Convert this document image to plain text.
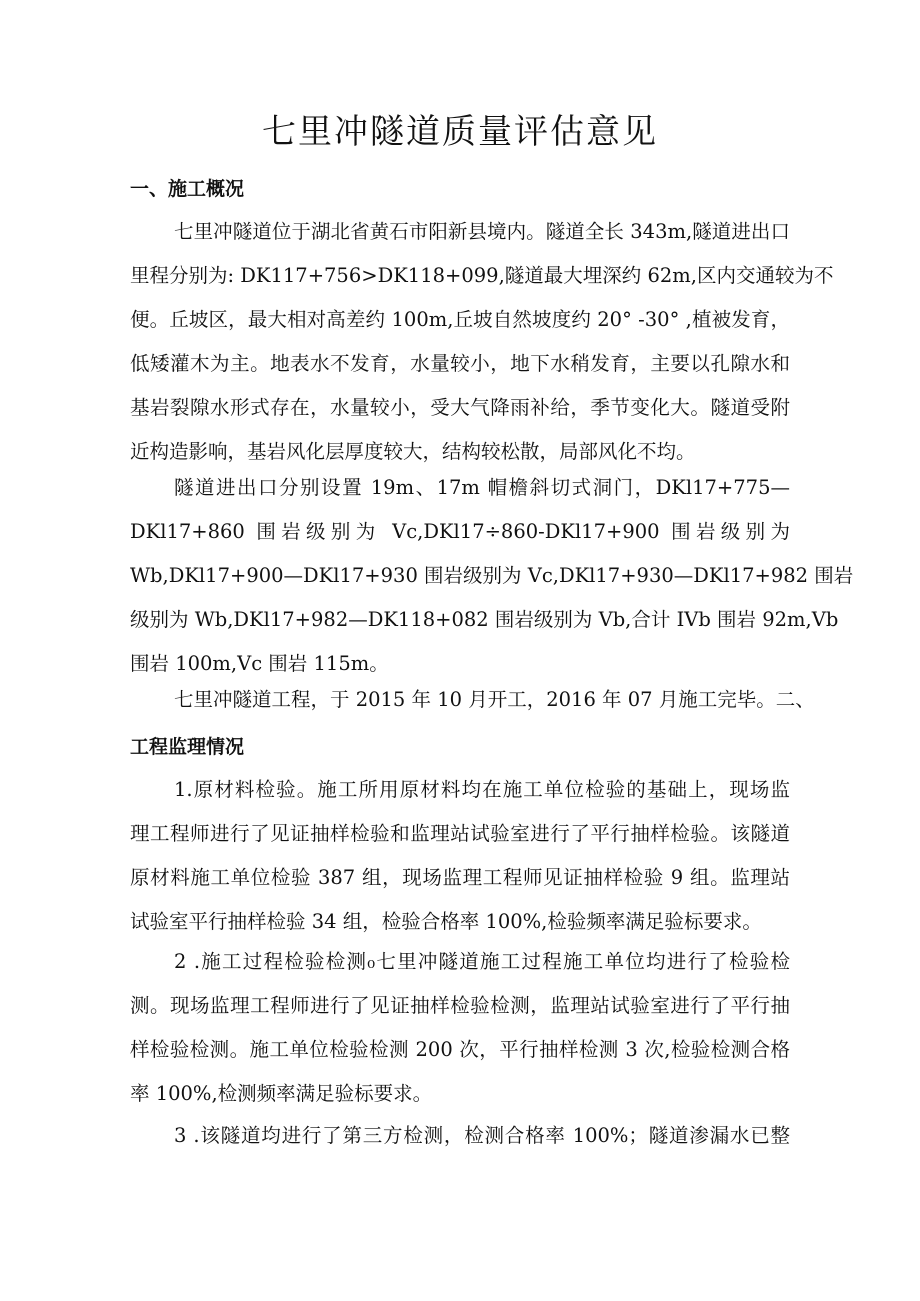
七里冲隧道质量评估意见
一、施工概况
七里冲隧道位于湖北省黄石市阳新县境内。隧道全长 343m,隧道进出口
里程分别为: DK117+756>DK118+099,隧道最大埋深约 62m,区内交通较为不
便。丘坡区，最大相对高差约 100m,丘坡自然坡度约 20° -30° ,植被发育，
低矮灌木为主。地表水不发育，水量较小，地下水稍发育，主要以孔隙水和
基岩裂隙水形式存在，水量较小，受大气降雨补给，季节变化大。隧道受附
近构造影响，基岩风化层厚度较大，结构较松散，局部风化不均。
隧道进出口分别设置 19m、17m 帽檐斜切式洞门，DKl17+775—
DKl17+860 围岩级别为 Vc,DKl17÷860-DKl17+900 围岩级别为
Wb,DKl17+900—DKl17+930 围岩级别为 Vc,DKl17+930—DKl17+982 围岩
级别为 Wb,DKl17+982—DK118+082 围岩级别为 Vb,合计 IVb 围岩 92m,Vb
围岩 100m,Vc 围岩 115m。
七里冲隧道工程，于 2015 年 10 月开工，2016 年 07 月施工完毕。二、
工程监理情况
1.原材料检验。施工所用原材料均在施工单位检验的基础上，现场监
理工程师进行了见证抽样检验和监理站试验室进行了平行抽样检验。该隧道
原材料施工单位检验 387 组，现场监理工程师见证抽样检验 9 组。监理站
试验室平行抽样检验 34 组，检验合格率 100%,检验频率满足验标要求。
2 .施工过程检验检测₀七里冲隧道施工过程施工单位均进行了检验检
测。现场监理工程师进行了见证抽样检验检测，监理站试验室进行了平行抽
样检验检测。施工单位检验检测 200 次，平行抽样检测 3 次,检验检测合格
率 100%,检测频率满足验标要求。
3 .该隧道均进行了第三方检测，检测合格率 100%；隧道渗漏水已整
